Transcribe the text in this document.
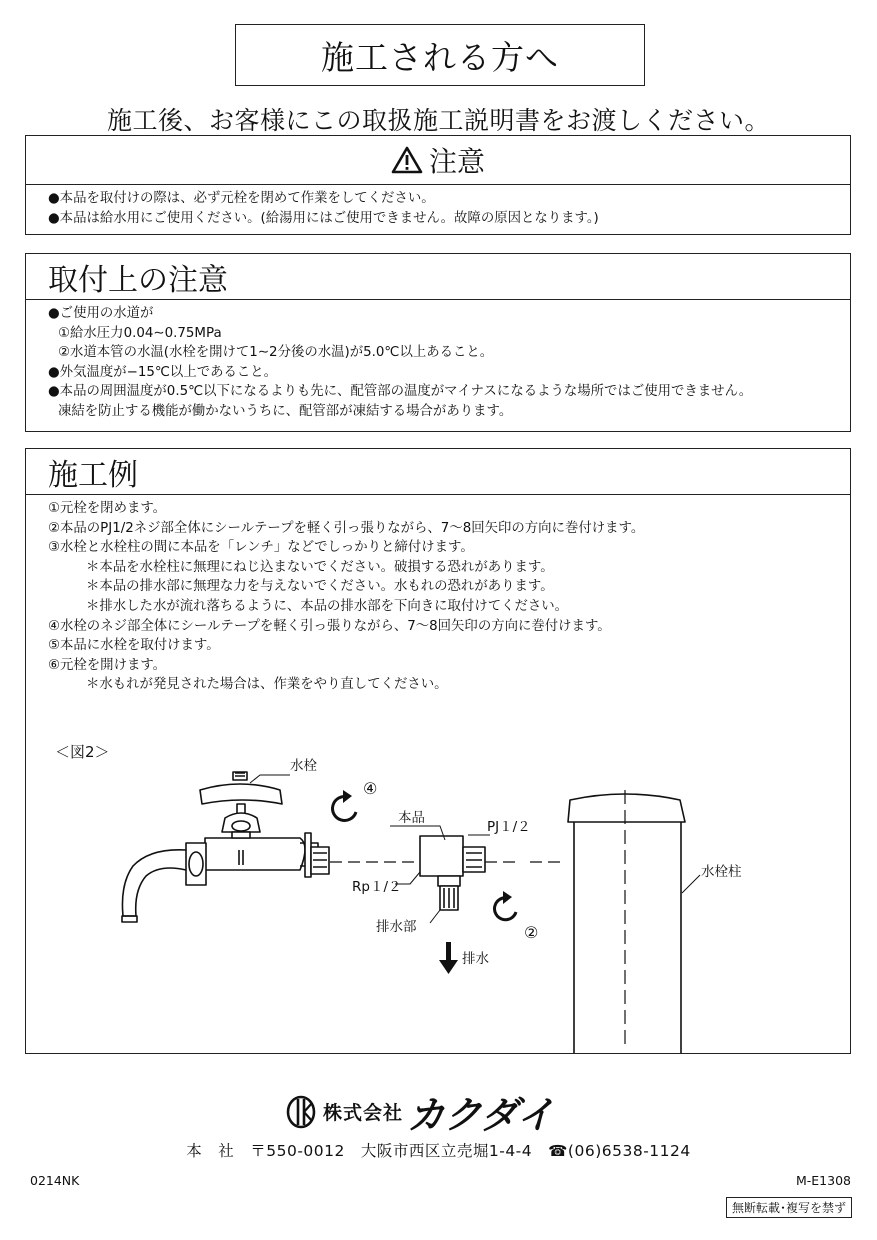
施工される方へ
施工後、お客様にこの取扱施工説明書をお渡しください。
注意
●本品を取付けの際は、必ず元栓を閉めて作業をしてください。
●本品は給水用にご使用ください。(給湯用にはご使用できません。故障の原因となります。)
取付上の注意
●ご使用の水道が
①給水圧力0.04∼0.75MPa
②水道本管の水温(水栓を開けて1∼2分後の水温)が5.0℃以上あること。
●外気温度が−15℃以上であること。
●本品の周囲温度が0.5℃以下になるよりも先に、配管部の温度がマイナスになるような場所ではご使用できません。
凍結を防止する機能が働かないうちに、配管部が凍結する場合があります。
施工例
①元栓を閉めます。
②本品のPJ1/2ネジ部全体にシールテープを軽く引っ張りながら、7〜8回矢印の方向に巻付けます。
③水栓と水栓柱の間に本品を「レンチ」などでしっかりと締付けます。
＊本品を水栓柱に無理にねじ込まないでください。破損する恐れがあります。
＊本品の排水部に無理な力を与えないでください。水もれの恐れがあります。
＊排水した水が流れ落ちるように、本品の排水部を下向きに取付けてください。
④水栓のネジ部全体にシールテープを軽く引っ張りながら、7〜8回矢印の方向に巻付けます。
⑤本品に水栓を取付けます。
⑥元栓を開けます。
＊水もれが発見された場合は、作業をやり直してください。
＜図2＞
水栓
④
本品
PJ１/２
Rp１/２
水栓柱
排水部	②
排水
株式会社 カクダイ
本　社　〒550-0012　大阪市西区立売堀1-4-4　☎(06)6538-1124
0214NK	M-E1308
無断転載･複写を禁ず
